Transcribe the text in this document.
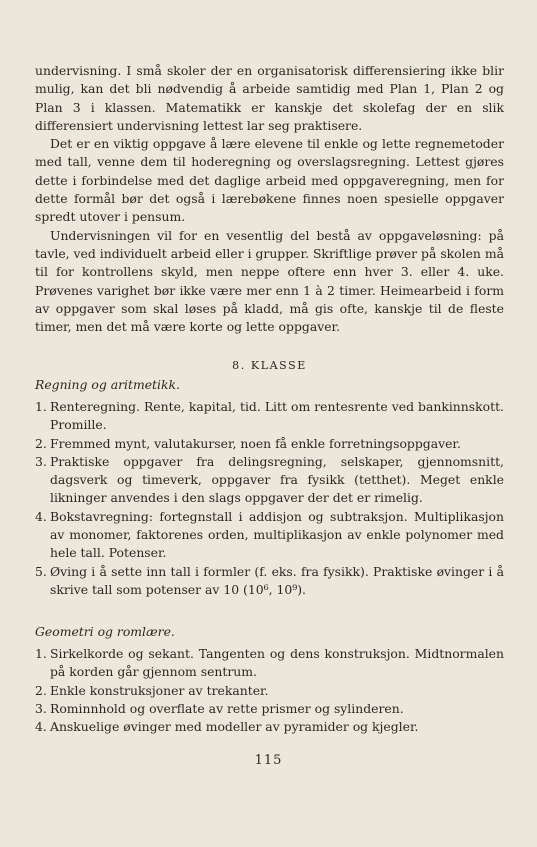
undervisning. I små skoler der en organisatorisk differensiering ikke blir mulig, kan det bli nødvendig å arbeide samtidig med Plan 1, Plan 2 og Plan 3 i klassen. Matematikk er kanskje det skolefag der en slik differensiert undervisning lettest lar seg praktisere.

Det er en viktig oppgave å lære elevene til enkle og lette regnemetoder med tall, venne dem til hoderegning og overslagsregning. Lettest gjøres dette i forbindelse med det daglige arbeid med oppgaveregning, men for dette formål bør det også i lærebøkene finnes noen spesielle oppgaver spredt utover i pensum.

Undervisningen vil for en vesentlig del bestå av oppgaveløsning: på tavle, ved individuelt arbeid eller i grupper. Skriftlige prøver på skolen må til for kontrollens skyld, men neppe oftere enn hver 3. eller 4. uke. Prøvenes varighet bør ikke være mer enn 1 à 2 timer. Heimearbeid i form av oppgaver som skal løses på kladd, må gis ofte, kanskje til de fleste timer, men det må være korte og lette oppgaver.

8. KLASSE

Regning og aritmetikk.

1. Renteregning. Rente, kapital, tid. Litt om rentesrente ved bankinnskott. Promille.
2. Fremmed mynt, valutakurser, noen få enkle forretningsoppgaver.
3. Praktiske oppgaver fra delingsregning, selskaper, gjennomsnitt, dagsverk og timeverk, oppgaver fra fysikk (tetthet). Meget enkle likninger anvendes i den slags oppgaver der det er rimelig.
4. Bokstavregning: fortegnstall i addisjon og subtraksjon. Multiplikasjon av monomer, faktorenes orden, multiplikasjon av enkle polynomer med hele tall. Potenser.
5. Øving i å sette inn tall i formler (f. eks. fra fysikk). Praktiske øvinger i å skrive tall som potenser av 10 (10⁶, 10⁹).

Geometri og romlære.

1. Sirkelkorde og sekant. Tangenten og dens konstruksjon. Midtnormalen på korden går gjennom sentrum.
2. Enkle konstruksjoner av trekanter.
3. Rominnhold og overflate av rette prismer og sylinderen.
4. Anskuelige øvinger med modeller av pyramider og kjegler.
115
